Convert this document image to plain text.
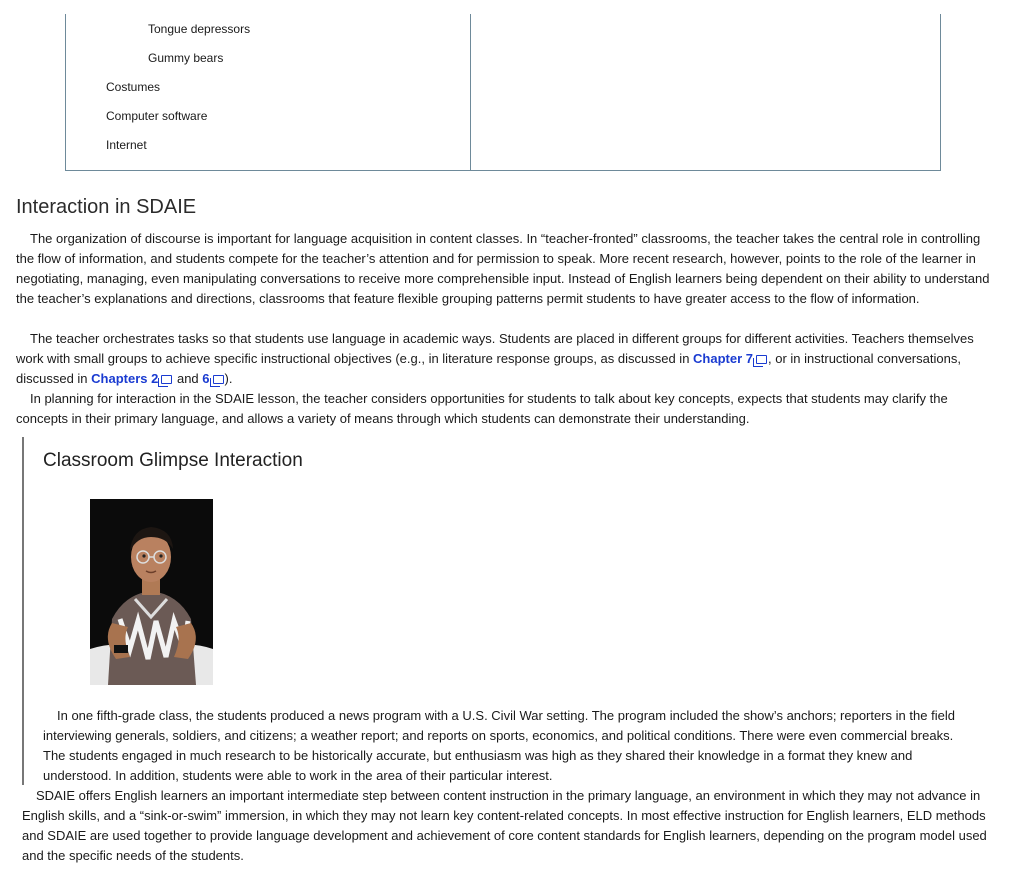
Tongue depressors
Gummy bears
Costumes
Computer software
Internet
Interaction in SDAIE

The organization of discourse is important for language acquisition in content classes. In “teacher-fronted” classrooms, the teacher takes the central role in controlling the flow of information, and students compete for the teacher’s attention and for permission to speak. More recent research, however, points to the role of the learner in negotiating, managing, even manipulating conversations to receive more comprehensible input. Instead of English learners being dependent on their ability to understand the teacher’s explanations and directions, classrooms that feature flexible grouping patterns permit students to have greater access to the flow of information.

The teacher orchestrates tasks so that students use language in academic ways. Students are placed in different groups for different activities. Teachers themselves work with small groups to achieve specific instructional objectives (e.g., in literature response groups, as discussed in Chapter 7 , or in instructional conversations, discussed in Chapters 2 and 6 ).

In planning for interaction in the SDAIE lesson, the teacher considers opportunities for students to talk about key concepts, expects that students may clarify the concepts in their primary language, and allows a variety of means through which students can demonstrate their understanding.

Classroom Glimpse Interaction

In one fifth-grade class, the students produced a news program with a U.S. Civil War setting. The program included the show’s anchors; reporters in the field interviewing generals, soldiers, and citizens; a weather report; and reports on sports, economics, and political conditions. There were even commercial breaks. The students engaged in much research to be historically accurate, but enthusiasm was high as they shared their knowledge in a format they knew and understood. In addition, students were able to work in the area of their particular interest.

SDAIE offers English learners an important intermediate step between content instruction in the primary language, an environment in which they may not advance in English skills, and a “sink-or-swim” immersion, in which they may not learn key content-related concepts. In most effective instruction for English learners, ELD methods and SDAIE are used together to provide language development and achievement of core content standards for English learners, depending on the program model used and the specific needs of the students.
